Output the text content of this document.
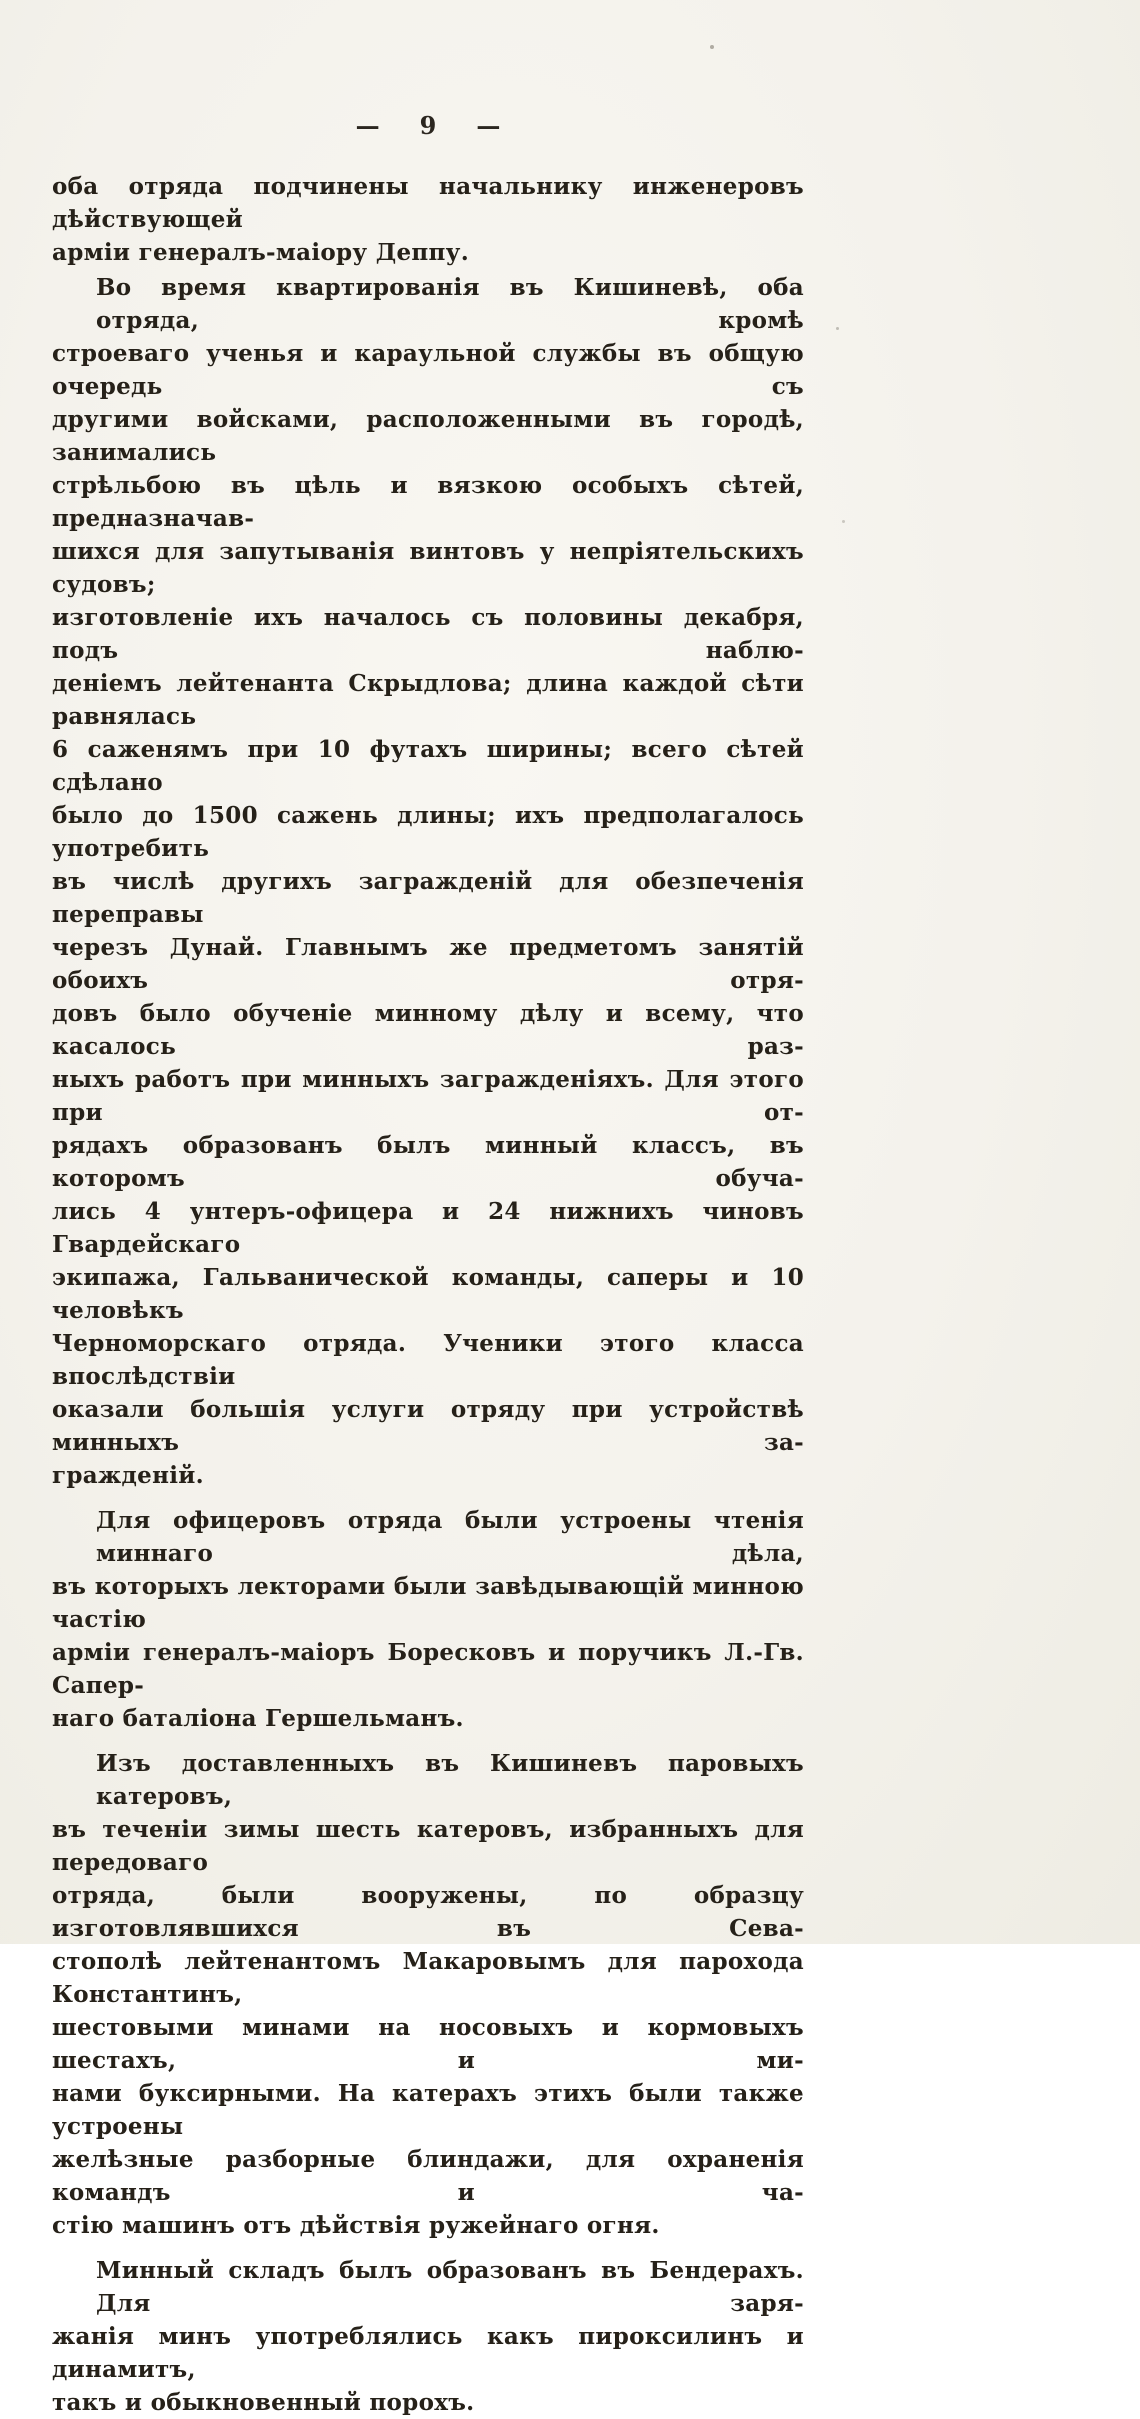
— 9 —
оба отряда подчинены начальнику инженеровъ дѣйствующей
арміи генералъ-маіору Деппу.
Во время квартированія въ Кишиневѣ, оба отряда, кромѣ
строеваго ученья и караульной службы въ общую очередь съ
другими войсками, расположенными въ городѣ, занимались
стрѣльбою въ цѣль и вязкою особыхъ сѣтей, предназначав-
шихся для запутыванія винтовъ у непріятельскихъ судовъ;
изготовленіе ихъ началось съ половины декабря, подъ наблю-
деніемъ лейтенанта Скрыдлова; длина каждой сѣти равнялась
6 саженямъ при 10 футахъ ширины; всего сѣтей сдѣлано
было до 1500 сажень длины; ихъ предполагалось употребить
въ числѣ другихъ загражденій для обезпеченія переправы
черезъ Дунай. Главнымъ же предметомъ занятій обоихъ отря-
довъ было обученіе минному дѣлу и всему, что касалось раз-
ныхъ работъ при минныхъ загражденіяхъ. Для этого при от-
рядахъ образованъ былъ минный классъ, въ которомъ обуча-
лись 4 унтеръ-офицера и 24 нижнихъ чиновъ Гвардейскаго
экипажа, Гальванической команды, саперы и 10 человѣкъ
Черноморскаго отряда. Ученики этого класса впослѣдствіи
оказали большія услуги отряду при устройствѣ минныхъ за-
гражденій.
Для офицеровъ отряда были устроены чтенія миннаго дѣла,
въ которыхъ лекторами были завѣдывающій минною частію
арміи генералъ-маіоръ Боресковъ и поручикъ Л.-Гв. Сапер-
наго баталіона Гершельманъ.
Изъ доставленныхъ въ Кишиневъ паровыхъ катеровъ,
въ теченіи зимы шесть катеровъ, избранныхъ для передоваго
отряда, были вооружены, по образцу изготовлявшихся въ Сева-
стополѣ лейтенантомъ Макаровымъ для парохода Константинъ,
шестовыми минами на носовыхъ и кормовыхъ шестахъ, и ми-
нами буксирными. На катерахъ этихъ были также устроены
желѣзные разборные блиндажи, для охраненія командъ и ча-
стію машинъ отъ дѣйствія ружейнаго огня.
Минный складъ былъ образованъ въ Бендерахъ. Для заря-
жанія минъ употреблялись какъ пироксилинъ и динамитъ,
такъ и обыкновенный порохъ.
